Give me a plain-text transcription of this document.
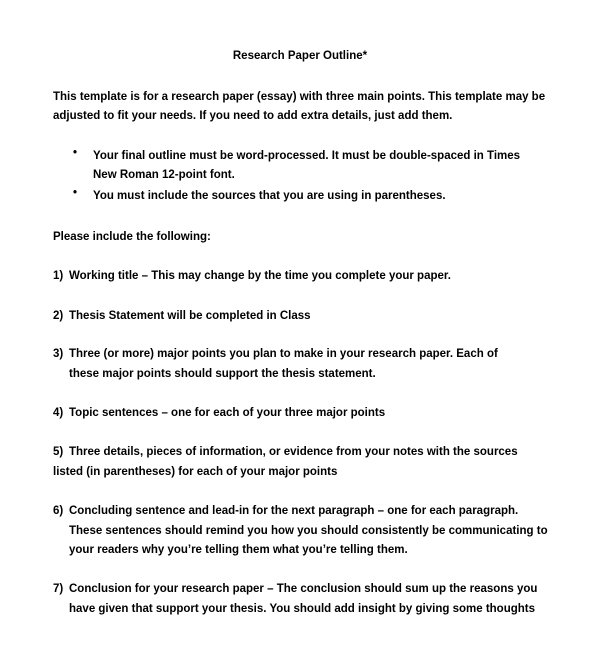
Research Paper Outline*
This template is for a research paper (essay) with three main points. This template may be
adjusted to fit your needs. If you need to add extra details, just add them.
•	Your final outline must be word-processed. It must be double-spaced in Times
New Roman 12-point font.
•	You must include the sources that you are using in parentheses.
Please include the following:
1) Working title – This may change by the time you complete your paper.
2) Thesis Statement will be completed in Class
3) Three (or more) major points you plan to make in your research paper. Each of
these major points should support the thesis statement.
4) Topic sentences – one for each of your three major points
5) Three details, pieces of information, or evidence from your notes with the sources
listed (in parentheses) for each of your major points
6) Concluding sentence and lead-in for the next paragraph – one for each paragraph.
These sentences should remind you how you should consistently be communicating to
your readers why you’re telling them what you’re telling them.
7) Conclusion for your research paper – The conclusion should sum up the reasons you
have given that support your thesis. You should add insight by giving some thoughts
